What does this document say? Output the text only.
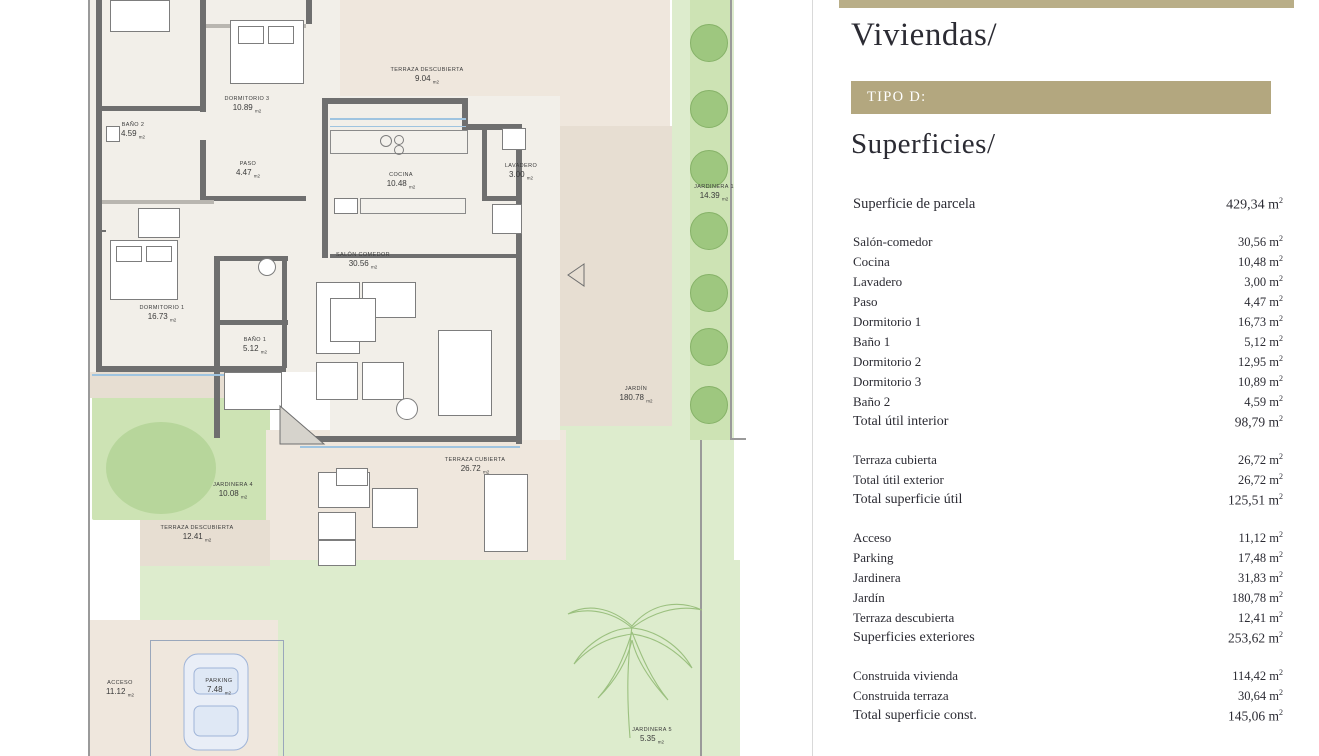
DORMITORIO 3
10.89 $_{m2}$
BAÑO 2
4.59 $_{m2}$
TERRAZA DESCUBIERTA
9.04 $_{m2}$
PASO
4.47 $_{m2}$	COCINA
10.48 $_{m2}$
LAVADERO
3.00 $_{m2}$
JARDINERA 1
14.39 $_{m2}$
DORMITORIO 1
16.73 $_{m2}$
SALÓN COMEDOR
30.56 $_{m2}$
BAÑO 1
5.12 $_{m2}$
JARDÍN
180.78 $_{m2}$
JARDINERA 4
10.08 $_{m2}$
TERRAZA CUBIERTA
26.72 $_{m2}$
TERRAZA DESCUBIERTA
12.41 $_{m2}$
ACCESO
11.12 $_{m2}$
PARKING
7.48 $_{m2}$
JARDINERA 5
5.35 $_{m2}$
Viviendas/
TIPO D:
Superficies/
Superficie de parcela	429,34 $m^2$
Salón-comedor	30,56 $m^2$
Cocina	10,48 $m^2$
Lavadero	3,00 $m^2$
Paso	4,47 $m^2$
Dormitorio 1	16,73 $m^2$
Baño 1	5,12 $m^2$
Dormitorio 2	12,95 $m^2$
Dormitorio 3	10,89 $m^2$
Baño 2	4,59 $m^2$
Total útil interior	98,79 $m^2$
Terraza cubierta	26,72 $m^2$
Total útil exterior	26,72 $m^2$
Total superficie útil	125,51 $m^2$
Acceso	11,12 $m^2$
Parking	17,48 $m^2$
Jardinera	31,83 $m^2$
Jardín	180,78 $m^2$
Terraza descubierta	12,41 $m^2$
Superficies exteriores	253,62 $m^2$
Construida vivienda	114,42 $m^2$
Construida terraza	30,64 $m^2$
Total superficie const.	145,06 $m^2$
